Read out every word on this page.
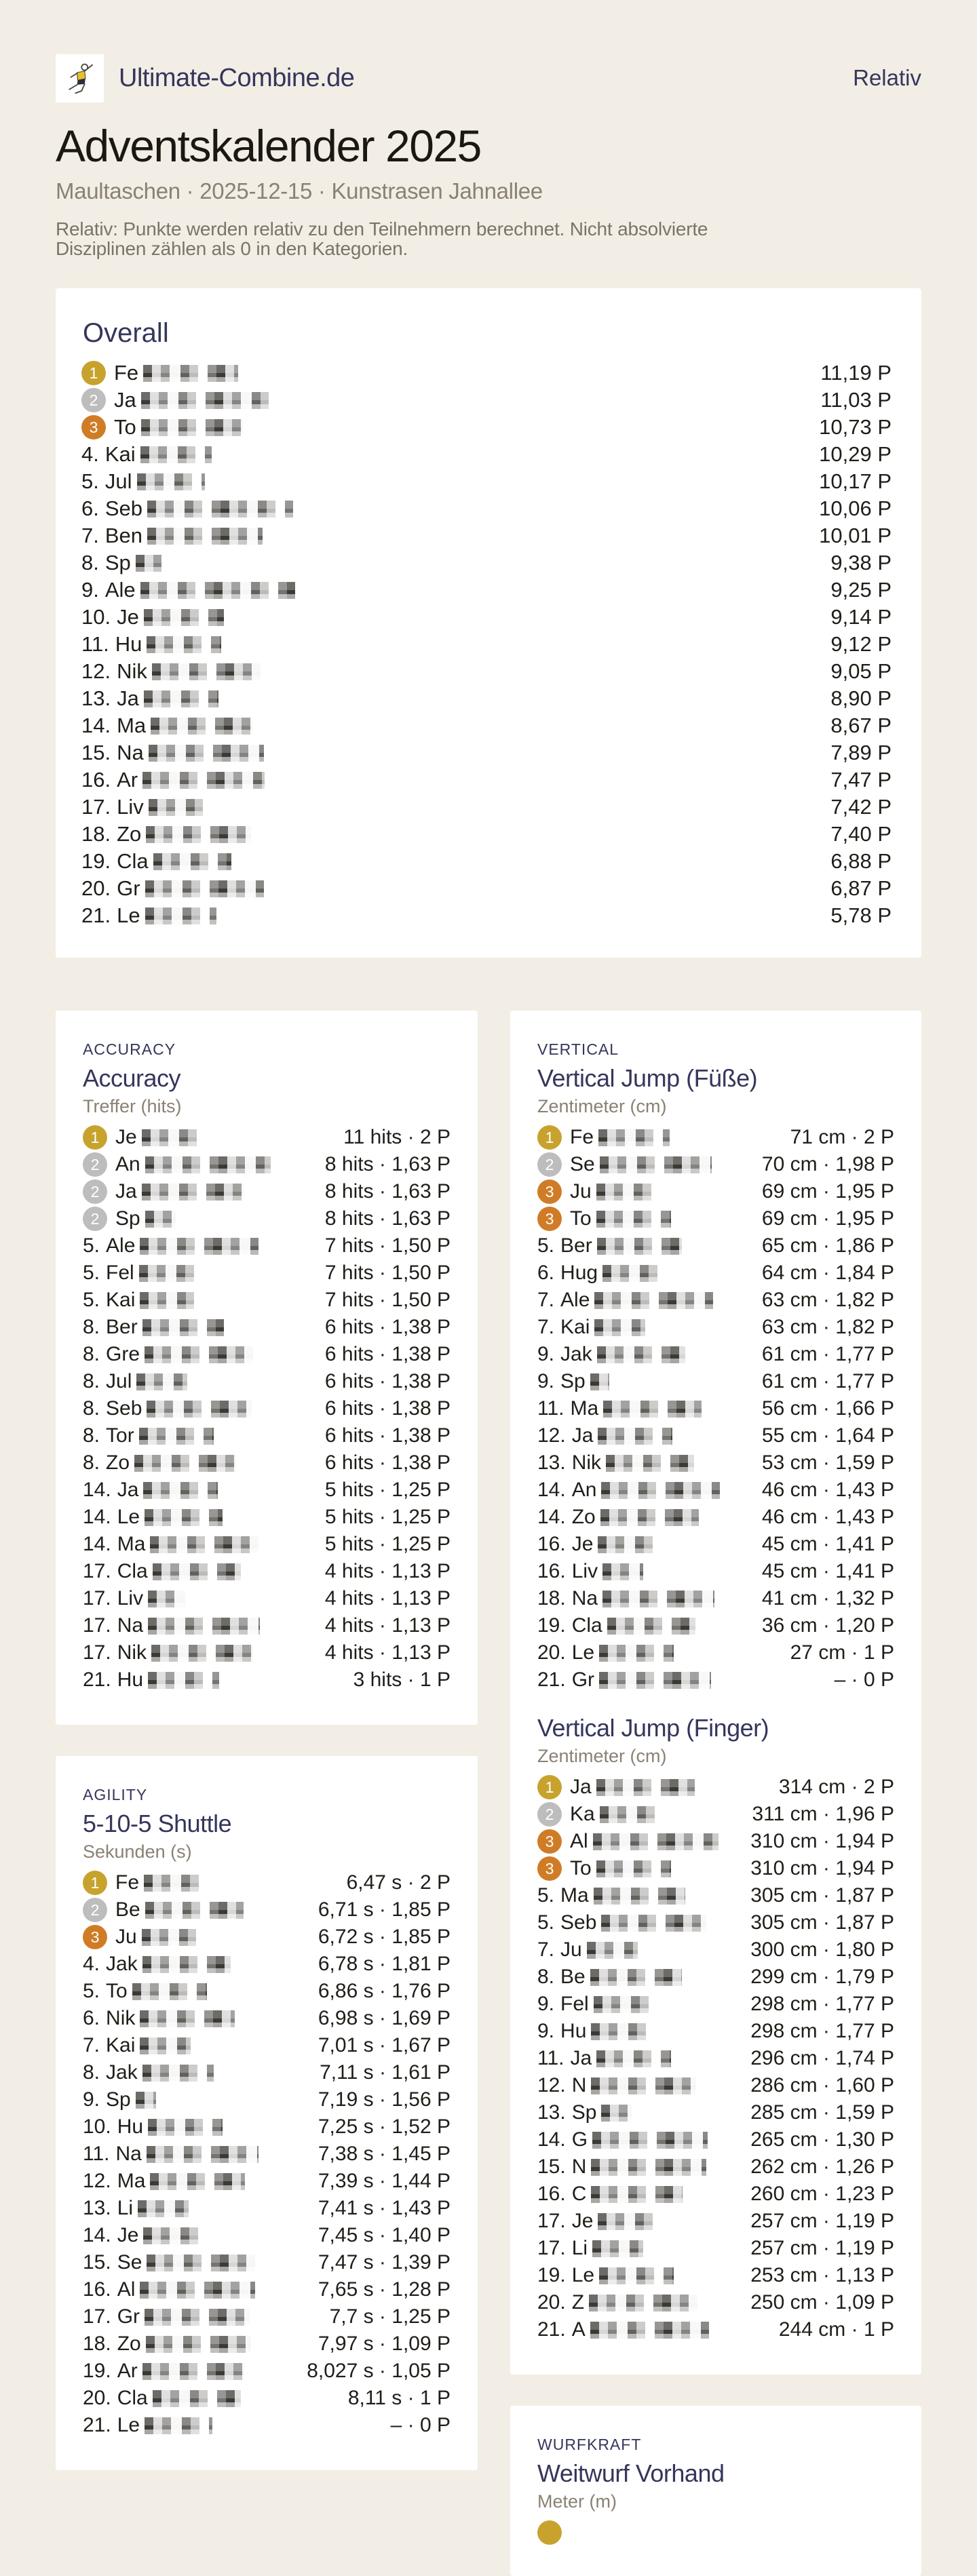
Ultimate-Combine.de	Relativ
Adventskalender 2025
Maultaschen · 2025-12-15 · Kunstrasen Jahnallee
Relativ: Punkte werden relativ zu den Teilnehmern berechnet. Nicht absolvierte
Disziplinen zählen als 0 in den Kategorien.
Overall
1 Fe	11,19 P
2 Ja	11,03 P
3 To	10,73 P
4. Kai	10,29 P
5. Jul	10,17 P
6. Seb	10,06 P
7. Ben	10,01 P
8. Sp	9,38 P
9. Ale	9,25 P
10. Je	9,14 P
11. Hu	9,12 P
12. Nik	9,05 P
13. Ja	8,90 P
14. Ma	8,67 P
15. Na	7,89 P
16. Ar	7,47 P
17. Liv	7,42 P
18. Zo	7,40 P
19. Cla	6,88 P
20. Gr	6,87 P
21. Le	5,78 P
ACCURACY
Accuracy
Treffer (hits)
1 Je	11 hits · 2 P
2 An	8 hits · 1,63 P
2 Ja	8 hits · 1,63 P
2 Sp	8 hits · 1,63 P
5. Ale	7 hits · 1,50 P
5. Fel	7 hits · 1,50 P
5. Kai	7 hits · 1,50 P
8. Ber	6 hits · 1,38 P
8. Gre	6 hits · 1,38 P
8. Jul	6 hits · 1,38 P
8. Seb	6 hits · 1,38 P
8. Tor	6 hits · 1,38 P
8. Zo	6 hits · 1,38 P
14. Ja	5 hits · 1,25 P
14. Le	5 hits · 1,25 P
14. Ma	5 hits · 1,25 P
17. Cla	4 hits · 1,13 P
17. Liv	4 hits · 1,13 P
17. Na	4 hits · 1,13 P
17. Nik	4 hits · 1,13 P
21. Hu	3 hits · 1 P
AGILITY
5-10-5 Shuttle
Sekunden (s)
1 Fe	6,47 s · 2 P
2 Be	6,71 s · 1,85 P
3 Ju	6,72 s · 1,85 P
4. Jak	6,78 s · 1,81 P
5. To	6,86 s · 1,76 P
6. Nik	6,98 s · 1,69 P
7. Kai	7,01 s · 1,67 P
8. Jak	7,11 s · 1,61 P
9. Sp	7,19 s · 1,56 P
10. Hu	7,25 s · 1,52 P
11. Na	7,38 s · 1,45 P
12. Ma	7,39 s · 1,44 P
13. Li	7,41 s · 1,43 P
14. Je	7,45 s · 1,40 P
15. Se	7,47 s · 1,39 P
16. Al	7,65 s · 1,28 P
17. Gr	7,7 s · 1,25 P
18. Zo	7,97 s · 1,09 P
19. Ar	8,027 s · 1,05 P
20. Cla	8,11 s · 1 P
21. Le	– · 0 P
VERTICAL
Vertical Jump (Füße)
Zentimeter (cm)
1 Fe	71 cm · 2 P
2 Se	70 cm · 1,98 P
3 Ju	69 cm · 1,95 P
3 To	69 cm · 1,95 P
5. Ber	65 cm · 1,86 P
6. Hug	64 cm · 1,84 P
7. Ale	63 cm · 1,82 P
7. Kai	63 cm · 1,82 P
9. Jak	61 cm · 1,77 P
9. Sp	61 cm · 1,77 P
11. Ma	56 cm · 1,66 P
12. Ja	55 cm · 1,64 P
13. Nik	53 cm · 1,59 P
14. An	46 cm · 1,43 P
14. Zo	46 cm · 1,43 P
16. Je	45 cm · 1,41 P
16. Liv	45 cm · 1,41 P
18. Na	41 cm · 1,32 P
19. Cla	36 cm · 1,20 P
20. Le	27 cm · 1 P
21. Gr	– · 0 P
Vertical Jump (Finger)
Zentimeter (cm)
1 Ja	314 cm · 2 P
2 Ka	311 cm · 1,96 P
3 Al	310 cm · 1,94 P
3 To	310 cm · 1,94 P
5. Ma	305 cm · 1,87 P
5. Seb	305 cm · 1,87 P
7. Ju	300 cm · 1,80 P
8. Be	299 cm · 1,79 P
9. Fel	298 cm · 1,77 P
9. Hu	298 cm · 1,77 P
11. Ja	296 cm · 1,74 P
12. N	286 cm · 1,60 P
13. Sp	285 cm · 1,59 P
14. G	265 cm · 1,30 P
15. N	262 cm · 1,26 P
16. C	260 cm · 1,23 P
17. Je	257 cm · 1,19 P
17. Li	257 cm · 1,19 P
19. Le	253 cm · 1,13 P
20. Z	250 cm · 1,09 P
21. A	244 cm · 1 P
WURFKRAFT
Weitwurf Vorhand
Meter (m)
